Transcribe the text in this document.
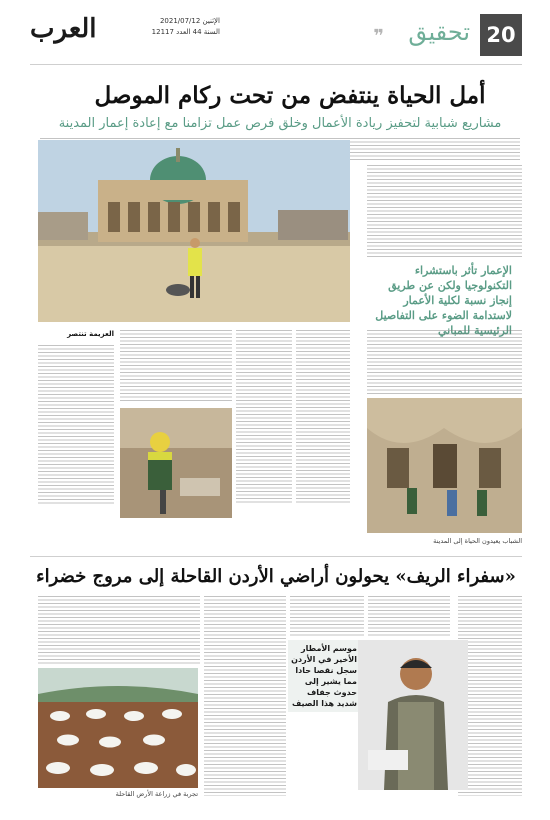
20
تحقيق
❞
العرب	الإثنين 2021/07/12
السنة 44 العدد 12117
أمل الحياة ينتفض من تحت ركام الموصل
مشاريع شبابية لتحفيز ريادة الأعمال وخلق فرص عمل تزامنا مع إعادة إعمار المدينة
الإعمار تأثر باستشراء التكنولوجيا ولكن عن طريق إنجاز نسبة لكلية الأعمار لاستدامة الضوء على التفاصيل الرئيسية للمباني
العزيمة تنتصر
الشباب يعيدون الحياة إلى المدينة
«سفراء الريف» يحولون أراضي الأردن القاحلة إلى مروج خضراء
موسم الأمطار الأخير في الأردن سجل نقصا حادا مما يشير إلى حدوث جفاف شديد هذا الصيف
تجربة في زراعة الأرض القاحلة
